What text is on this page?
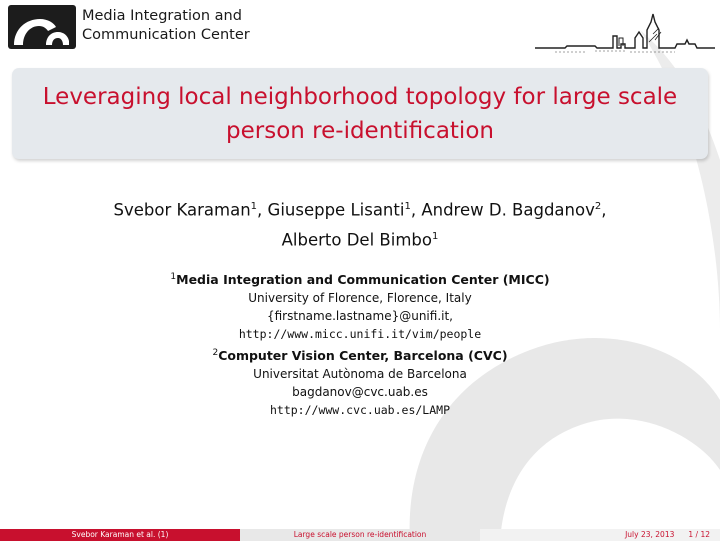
Media Integration and
Communication Center
Leveraging local neighborhood topology for large scale
person re-identification
Svebor Karaman$^1$, Giuseppe Lisanti$^1$, Andrew D. Bagdanov$^2$,
Alberto Del Bimbo$^1$
$^1$Media Integration and Communication Center (MICC)
University of Florence, Florence, Italy
{firstname.lastname}@unifi.it,
http://www.micc.unifi.it/vim/people
$^2$Computer Vision Center, Barcelona (CVC)
Universitat Autònoma de Barcelona
bagdanov@cvc.uab.es
http://www.cvc.uab.es/LAMP
Svebor Karaman et al. (1)	Large scale person re-identification	July 23, 2013 1 / 12
